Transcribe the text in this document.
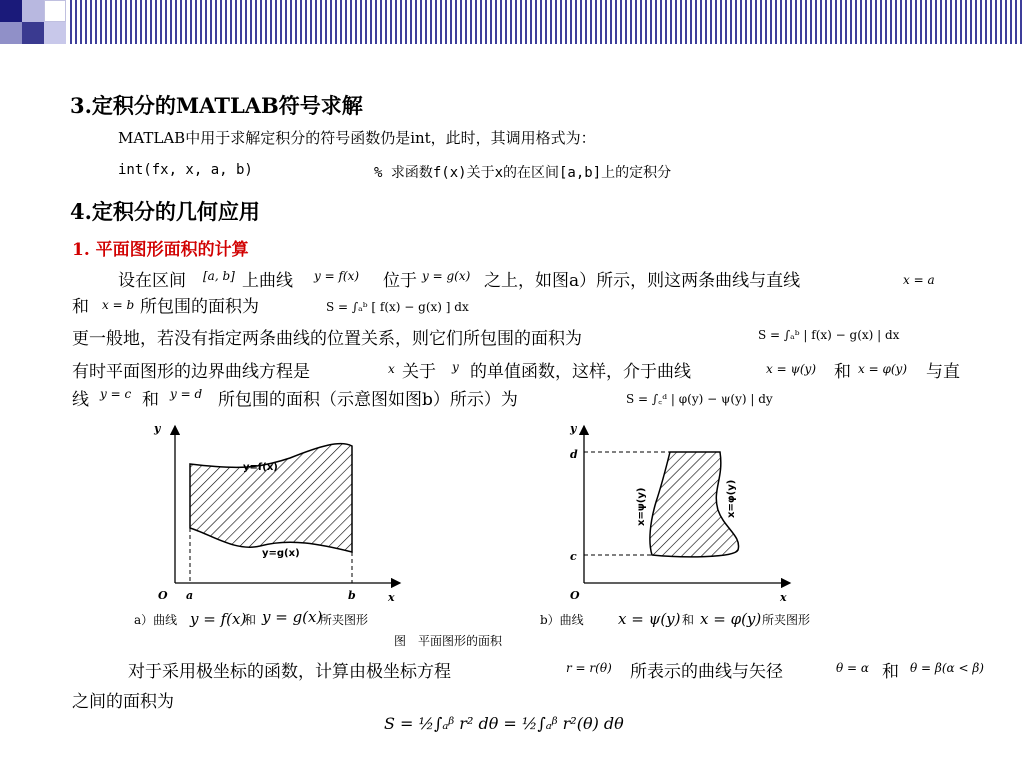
3.定积分的MATLAB符号求解
MATLAB中用于求解定积分的符号函数仍是int，此时，其调用格式为：
int(fx, x, a, b)	% 求函数f(x)关于x的在区间[a,b]上的定积分
4.定积分的几何应用
1. 平面图形面积的计算
设在区间 [a, b] 上曲线 y = f(x) 位于 y = g(x) 之上，如图a）所示，则这两条曲线与直线	x = a
和 x = b 所包围的面积为	S = ∫ₐᵇ [ f(x) − g(x) ] dx
更一般地，若没有指定两条曲线的位置关系，则它们所包围的面积为	S = ∫ₐᵇ | f(x) − g(x) | dx
有时平面图形的边界曲线方程是	x 关于 y 的单值函数，这样，介于曲线	x = ψ(y) 和 x = φ(y) 与直
线 y = c 和 y = d 所包围的面积（示意图如图b）所示）为	S = ∫꜀ᵈ | φ(y) − ψ(y) | dy
y
x
O a	b
y=f(x)
y=g(x)
y
x
O
d
c
x=ψ(y)	x=φ(y)
a）曲线 y = f(x)
和 y = g(x)
所夹图形	b）曲线 x = ψ(y) 和 x = φ(y) 所夹图形
图　平面图形的面积
对于采用极坐标的函数，计算由极坐标方程	r = r(θ) 所表示的曲线与矢径	θ = α 和 θ = β(α < β)
之间的面积为
S = ½∫ₐᵝ r² dθ = ½∫ₐᵝ r²(θ) dθ
